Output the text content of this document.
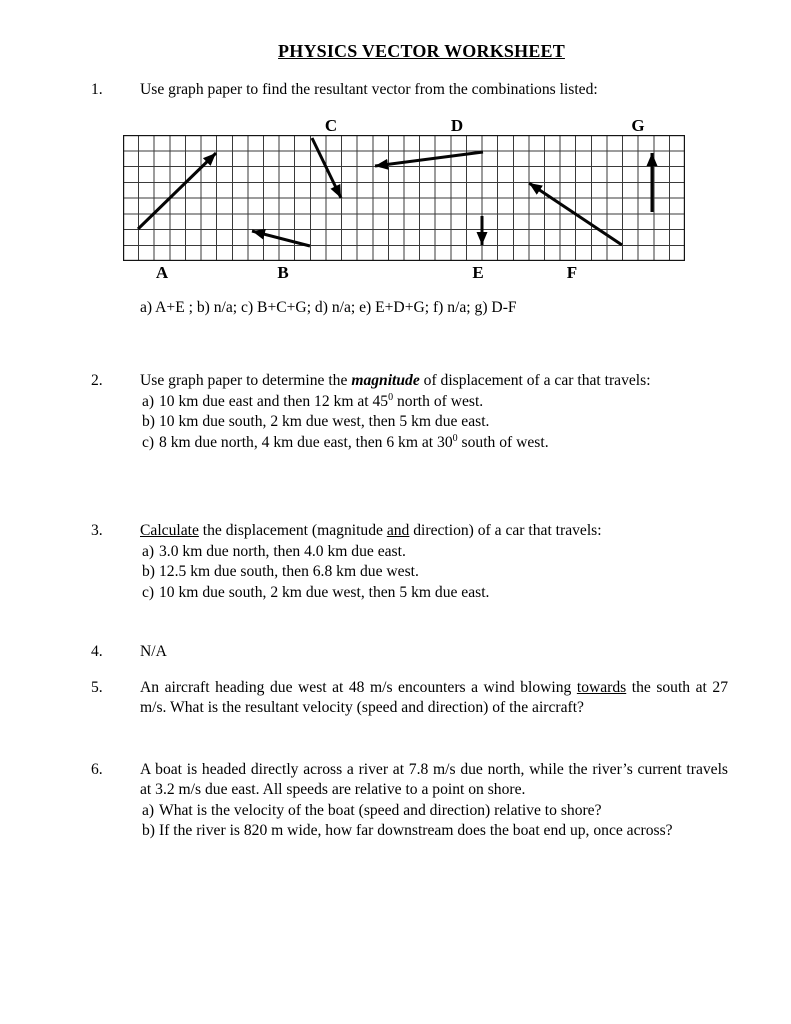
PHYSICS VECTOR WORKSHEET
1.	Use graph paper to find the resultant vector from the combinations listed:
C	D	G
A	B	E	F
a) A+E ; b) n/a; c) B+C+G; d) n/a; e) E+D+G; f) n/a; g) D-F
2.	Use graph paper to determine the magnitude of displacement of a car that travels:
a) 10 km due east and then 12 km at $45^0$ north of west.
b) 10 km due south, 2 km due west, then 5 km due east.
c) 8 km due north, 4 km due east, then 6 km at $30^0$ south of west.
3.	Calculate the displacement (magnitude and direction) of a car that travels:
a) 3.0 km due north, then 4.0 km due east.
b) 12.5 km due south, then 6.8 km due west.
c) 10 km due south, 2 km due west, then 5 km due east.
4.	N/A
5.	An aircraft heading due west at 48 m/s encounters a wind blowing towards the south at 27 m/s. What is the resultant velocity (speed and direction) of the aircraft?
6.	A boat is headed directly across a river at 7.8 m/s due north, while the river’s current travels at 3.2 m/s due east. All speeds are relative to a point on shore.
a) What is the velocity of the boat (speed and direction) relative to shore?
b) If the river is 820 m wide, how far downstream does the boat end up, once across?
